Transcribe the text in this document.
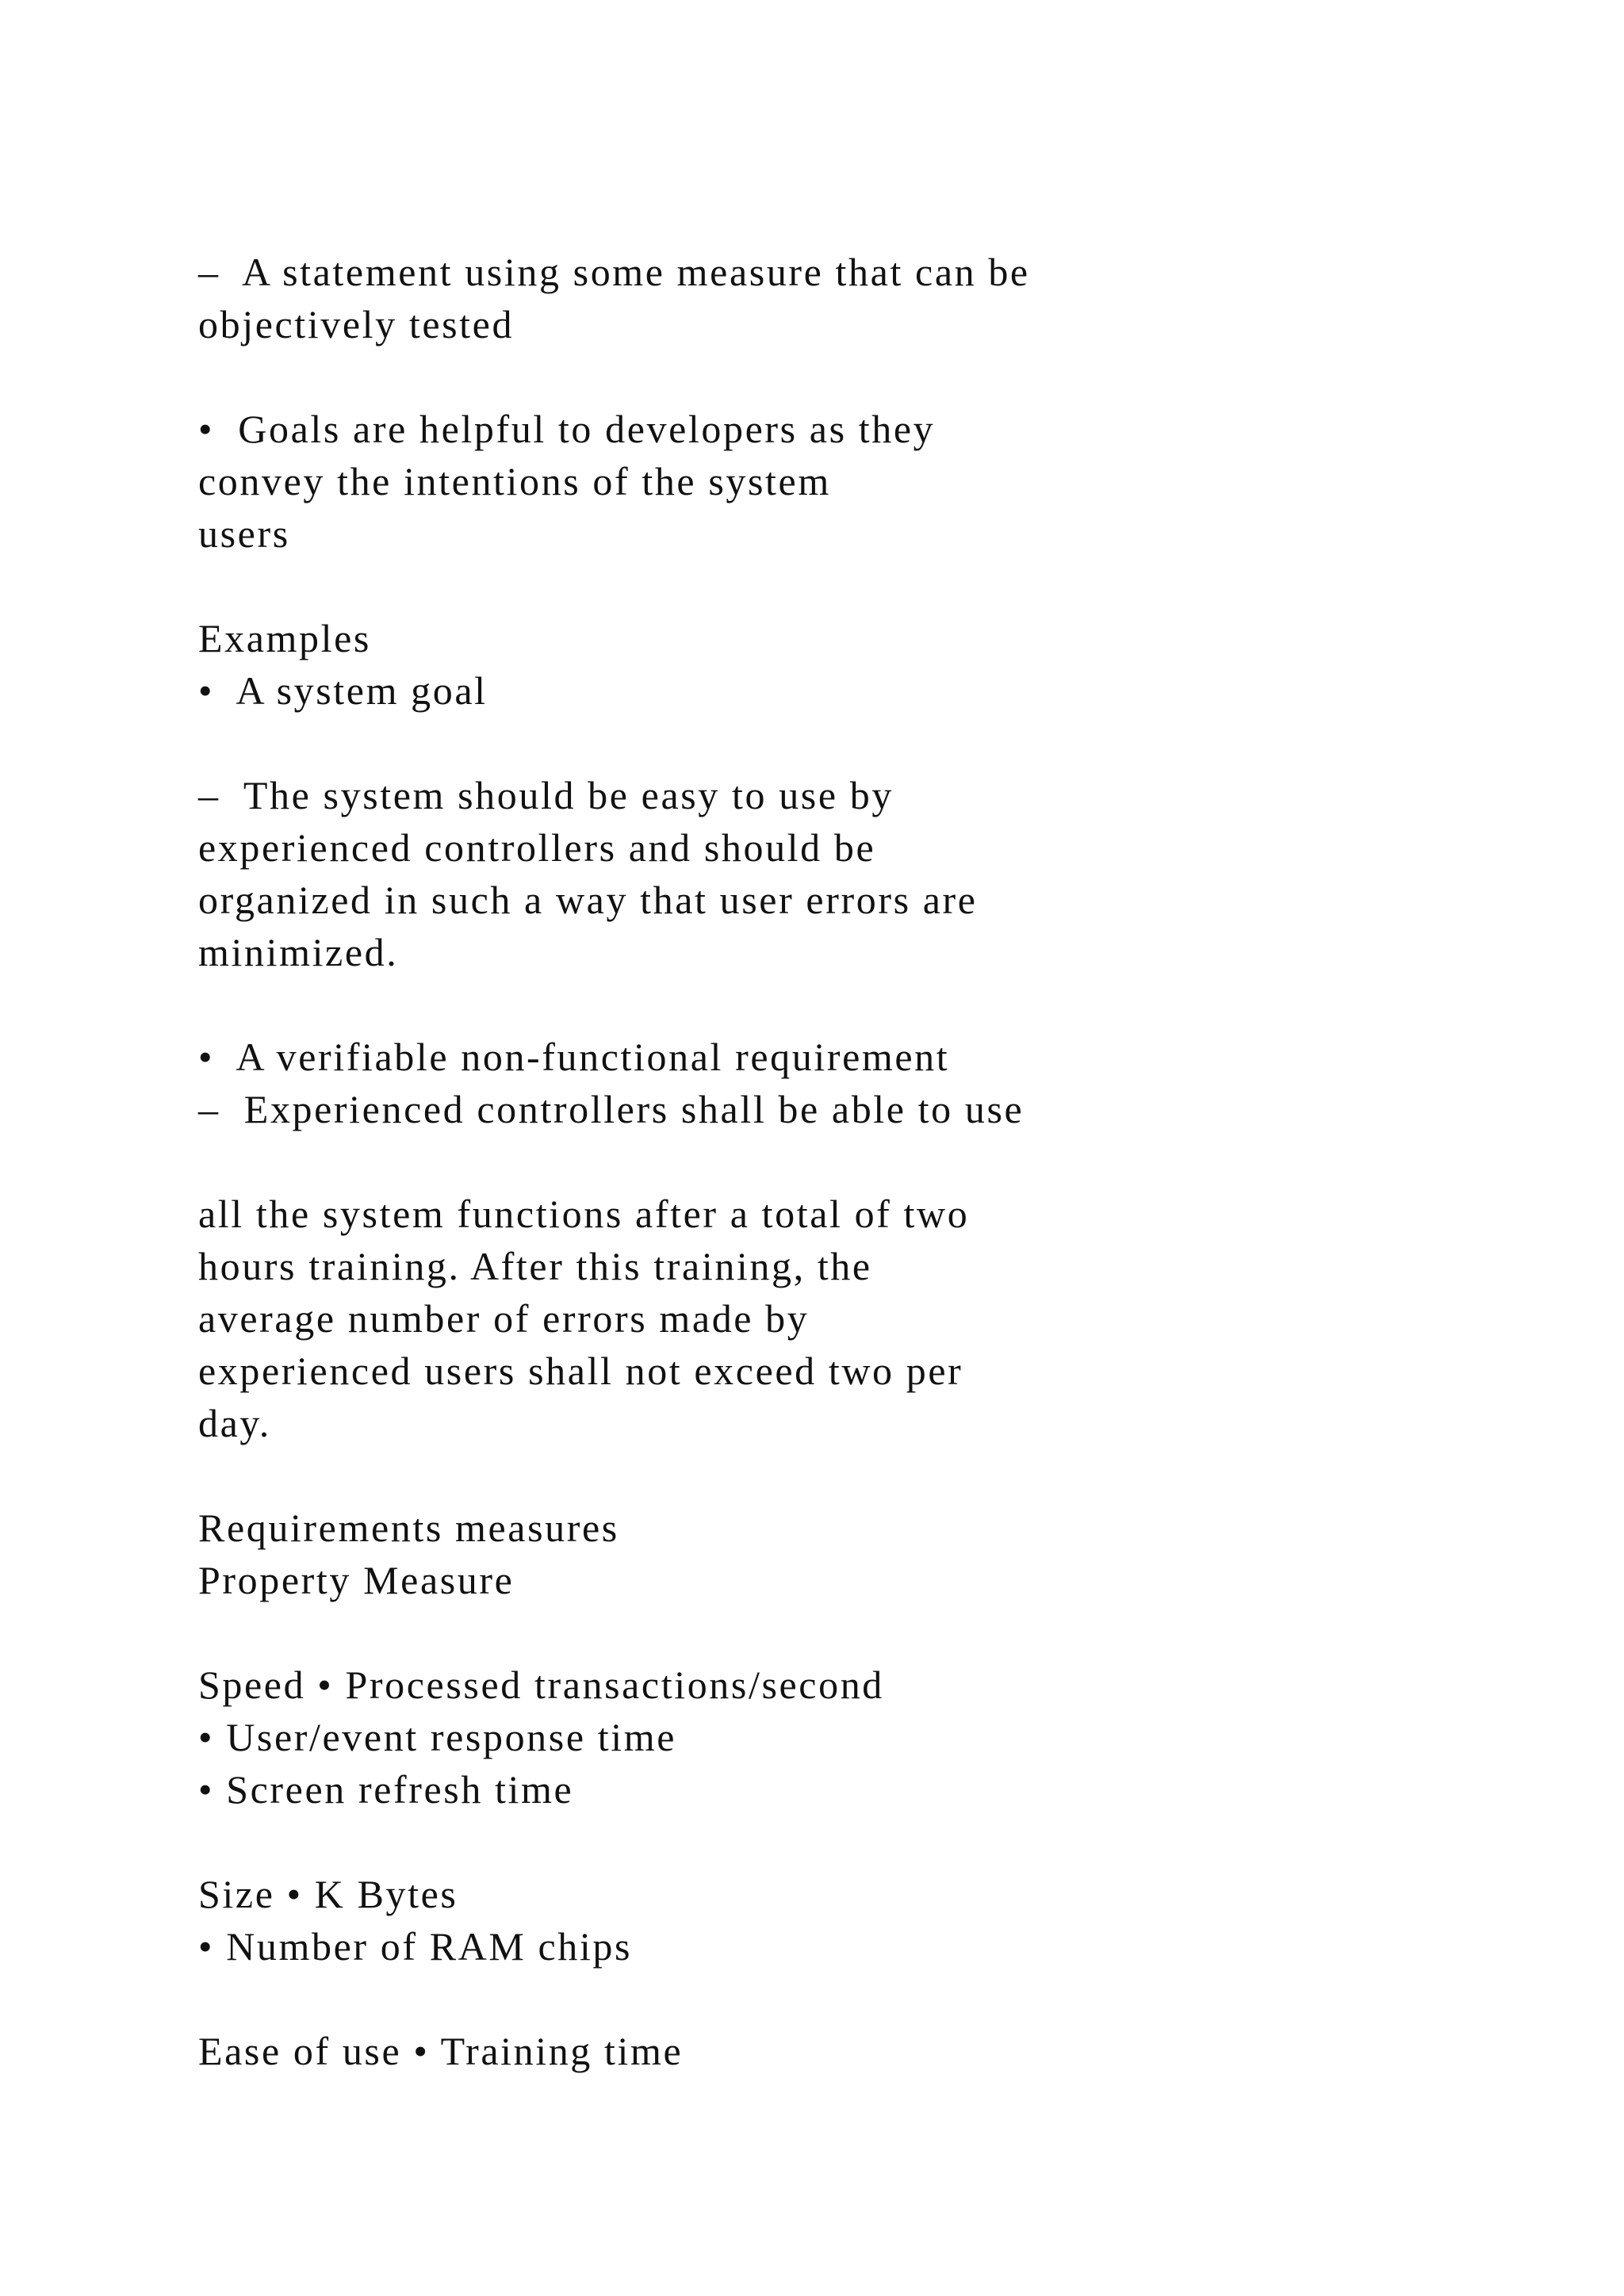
–  A statement using some measure that can be
objectively tested
•  Goals are helpful to developers as they
convey the intentions of the system
users
Examples
•  A system goal
–  The system should be easy to use by
experienced controllers and should be
organized in such a way that user errors are
minimized.
•  A verifiable non-functional requirement
–  Experienced controllers shall be able to use
all the system functions after a total of two
hours training. After this training, the
average number of errors made by
experienced users shall not exceed two per
day.
Requirements measures
Property Measure
Speed • Processed transactions/second
• User/event response time
• Screen refresh time
Size • K Bytes
• Number of RAM chips
Ease of use • Training time
